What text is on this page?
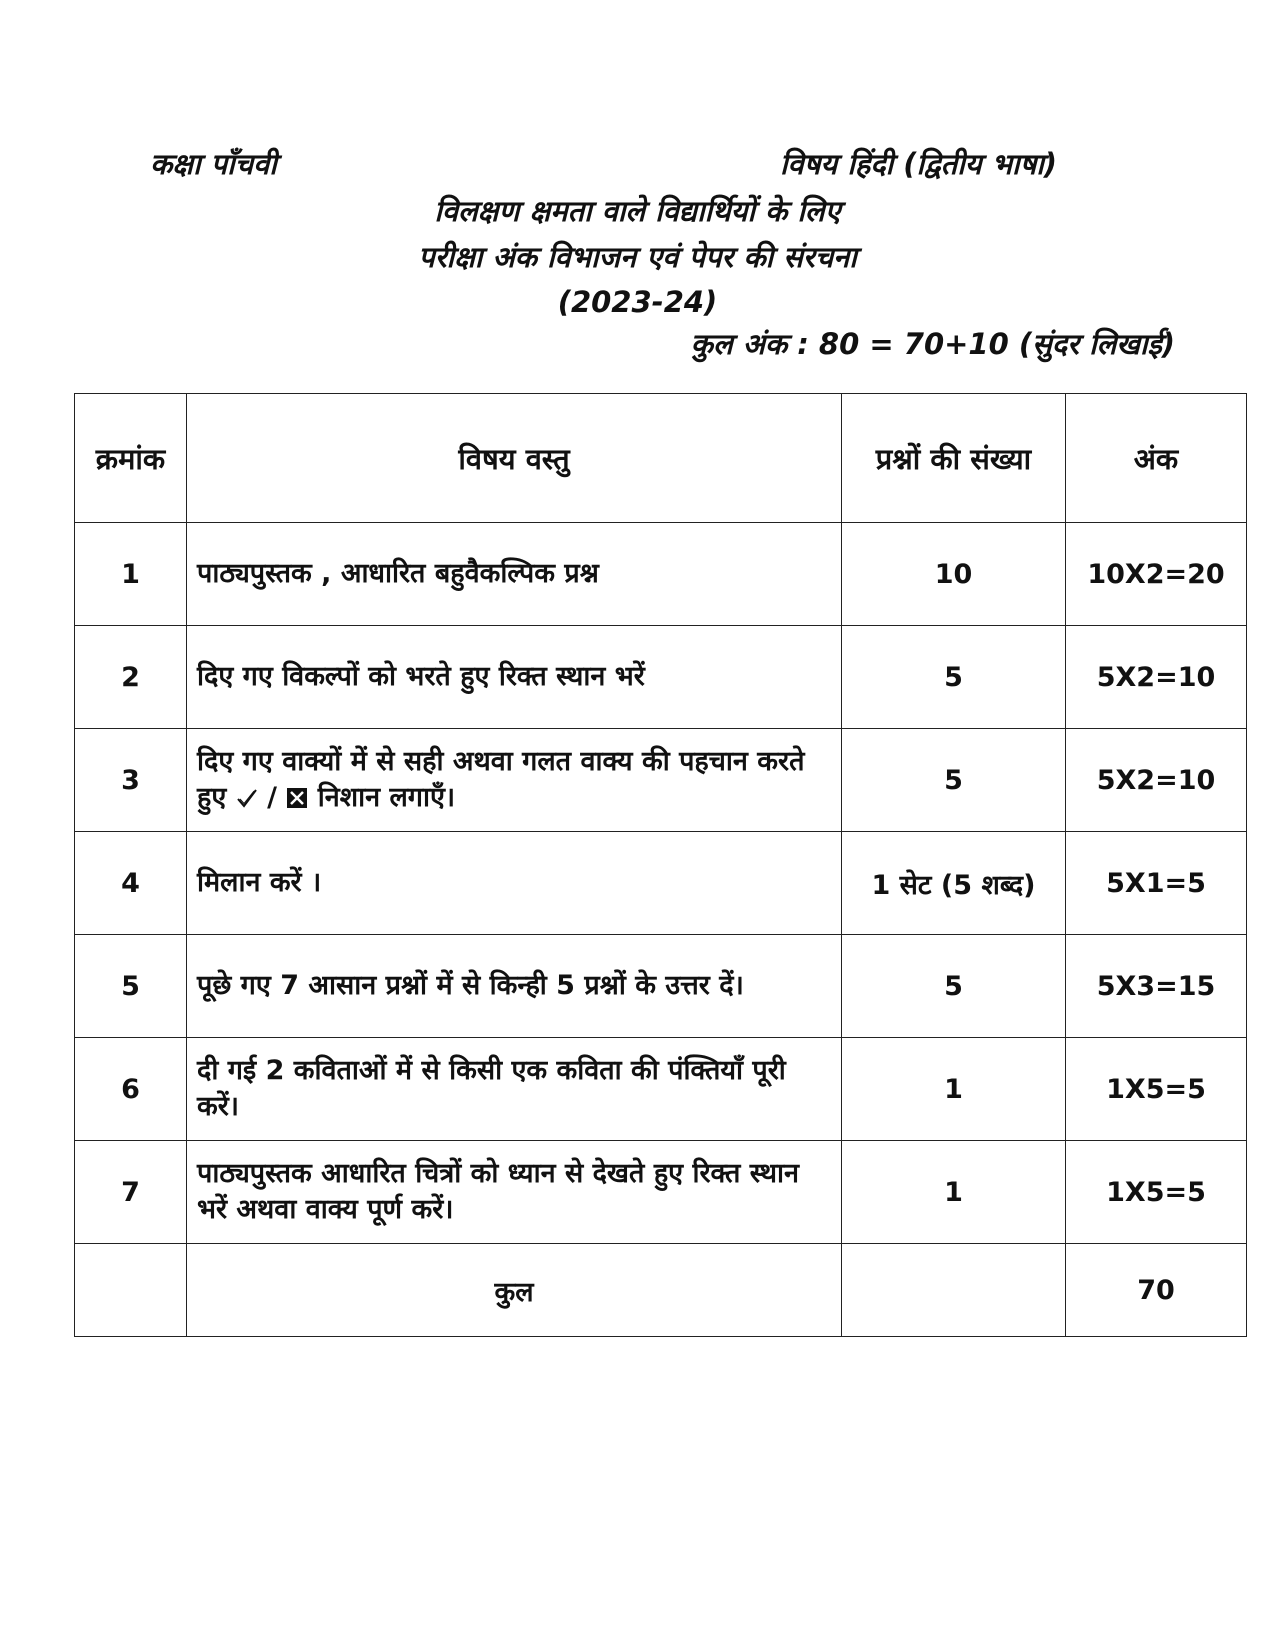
कक्षा पाँचवी	विषय हिंदी (द्वितीय भाषा)
विलक्षण क्षमता वाले विद्यार्थियों के लिए
परीक्षा अंक विभाजन एवं पेपर की संरचना
(2023-24)
कुल अंक : 80 = 70+10 (सुंदर लिखाई)
क्रमांक	विषय वस्तु	प्रश्नों की संख्या	अंक
1	पाठ्यपुस्तक , आधारित बहुवैकल्पिक प्रश्न	10	10X2=20
2	दिए गए विकल्पों को भरते हुए रिक्त स्थान भरें	5	5X2=10
3	दिए गए वाक्यों में से सही अथवा गलत वाक्य की पहचान करते हुए / ☒ निशान लगाएँ।	5	5X2=10
4	मिलान करें ।	1 सेट (5 शब्द)	5X1=5
5	पूछे गए 7 आसान प्रश्नों में से किन्ही 5 प्रश्नों के उत्तर दें।	5	5X3=15
6	दी गई 2 कविताओं में से किसी एक कविता की पंक्तियाँ पूरी करें।	1	1X5=5
7	पाठ्यपुस्तक आधारित चित्रों को ध्यान से देखते हुए रिक्त स्थान भरें अथवा वाक्य पूर्ण करें।	1	1X5=5
	कुल		70
